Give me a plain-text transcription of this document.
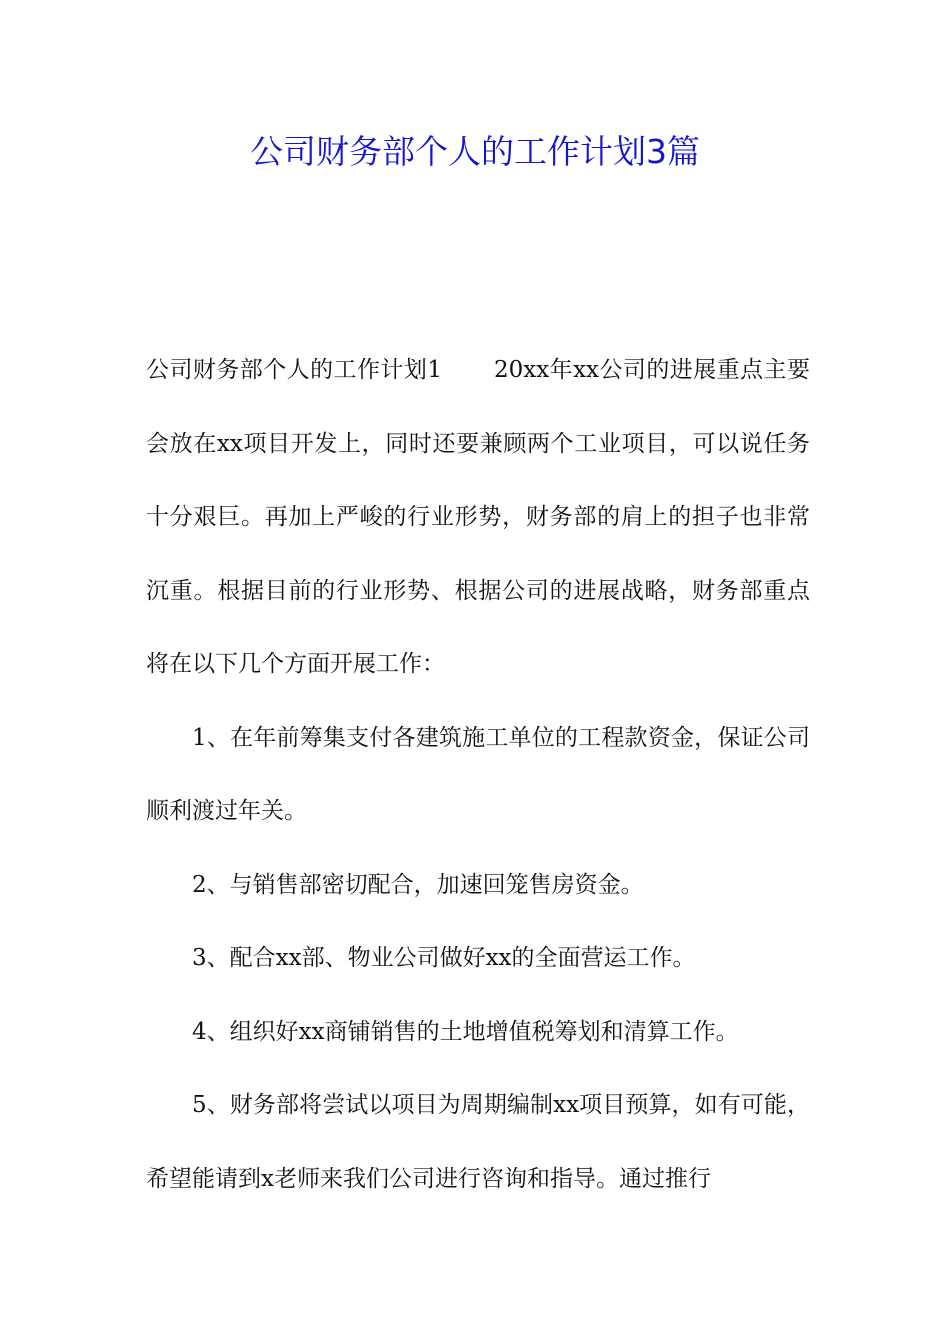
公司财务部个人的工作计划3篇

公司财务部个人的工作计划1 20xx年xx公司的进展重点主要会放在xx项目开发上，同时还要兼顾两个工业项目，可以说任务十分艰巨。再加上严峻的行业形势，财务部的肩上的担子也非常沉重。根据目前的行业形势、根据公司的进展战略，财务部重点将在以下几个方面开展工作：

1、在年前筹集支付各建筑施工单位的工程款资金，保证公司顺利渡过年关。

2、与销售部密切配合，加速回笼售房资金。

3、配合xx部、物业公司做好xx的全面营运工作。

4、组织好xx商铺销售的土地增值税筹划和清算工作。

5、财务部将尝试以项目为周期编制xx项目预算，如有可能，希望能请到x老师来我们公司进行咨询和指导。通过推行
